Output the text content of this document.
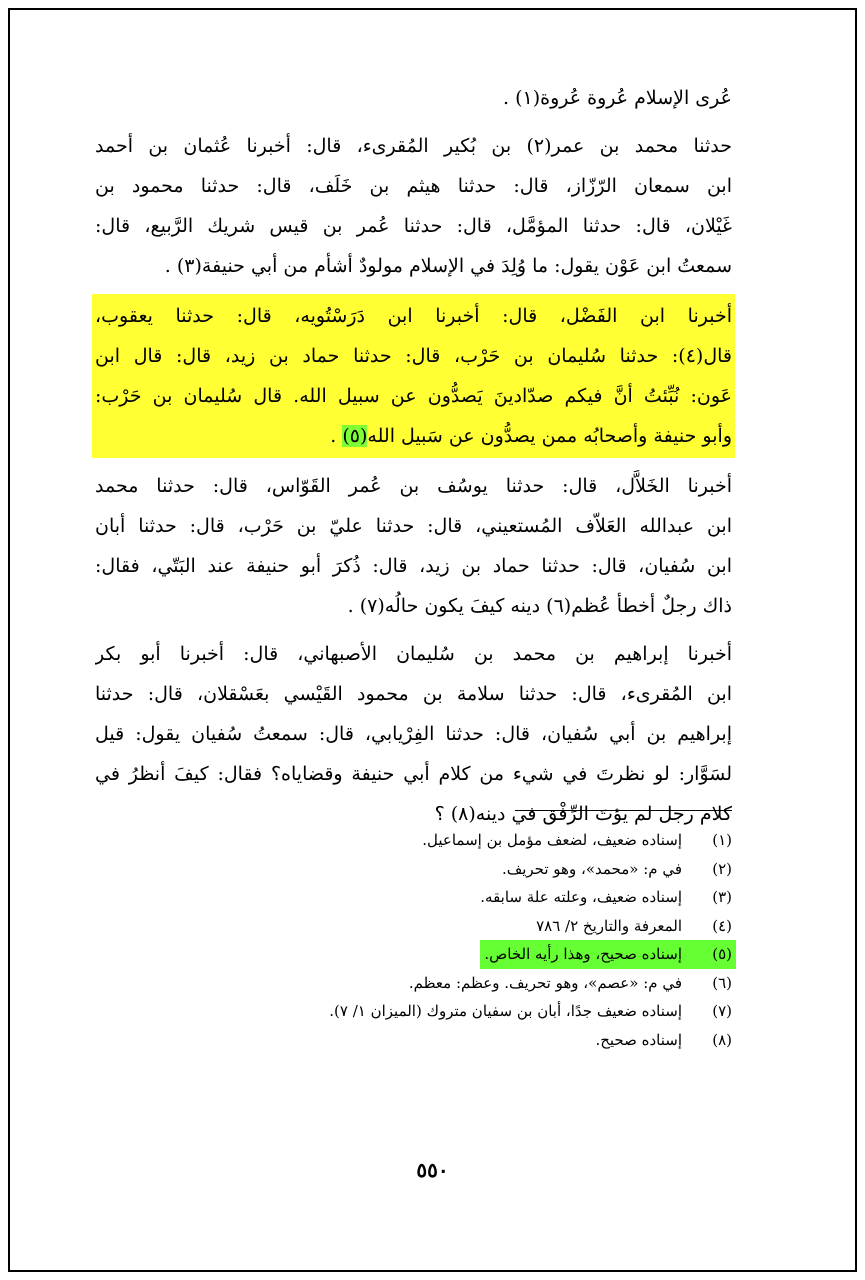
عُرى الإسلام عُروة عُروة(١) .
حدثنا محمد بن عمر(٢) بن بُكير المُقرىء، قال: أخبرنا عُثمان بن أحمد
ابن سمعان الرّزّاز، قال: حدثنا هيثم بن خَلَف، قال: حدثنا محمود بن
غَيْلان، قال: حدثنا المؤمَّل، قال: حدثنا عُمر بن قيس شريك الرَّبيع، قال:
سمعتُ ابن عَوْن يقول: ما وُلِدَ في الإسلام مولودٌ أشأم من أبي حنيفة(٣) .
أخبرنا ابن الفَضْل، قال: أخبرنا ابن دَرَسْتُويه، قال: حدثنا يعقوب،
قال(٤): حدثنا سُليمان بن حَرْب، قال: حدثنا حماد بن زيد، قال: قال ابن
عَون: نُبِّئتُ أنَّ فيكم صدّادينَ يَصدُّون عن سبيل الله. قال سُليمان بن حَرْب:
وأبو حنيفة وأصحابُه ممن يصدُّون عن سَبيل الله(٥) .
أخبرنا الخَلاَّل، قال: حدثنا يوسُف بن عُمر القَوّاس، قال: حدثنا محمد
ابن عبدالله العَلاّف المُستعيني، قال: حدثنا عليّ بن حَرْب، قال: حدثنا أبان
ابن سُفيان، قال: حدثنا حماد بن زيد، قال: ذُكرَ أبو حنيفة عند البَتّي، فقال:
ذاك رجلٌ أخطأ عُظم(٦) دينه كيفَ يكون حالُه(٧) .
أخبرنا إبراهيم بن محمد بن سُليمان الأصبهاني، قال: أخبرنا أبو بكر
ابن المُقرىء، قال: حدثنا سلامة بن محمود القَيْسي بعَسْقلان، قال: حدثنا
إبراهيم بن أبي سُفيان، قال: حدثنا الفِرْيابي، قال: سمعتُ سُفيان يقول: قيل
لسَوَّار: لو نظرتَ في شيء من كلام أبي حنيفة وقضاياه؟ فقال: كيفَ أنظرُ في
كلام رجل لم يؤتَ الرِّفْق في دينه(٨) ؟
(١)
إسناده ضعيف، لضعف مؤمل بن إسماعيل.
(٢)
في م: «محمد»، وهو تحريف.
(٣)
إسناده ضعيف، وعلته علة سابقه.
(٤)
المعرفة والتاريخ ٢/ ٧٨٦
(٥)
إسناده صحيح، وهذا رأيه الخاص.
(٦)
في م: «عصم»، وهو تحريف. وعظم: معظم.
(٧)
إسناده ضعيف جدًا، أبان بن سفيان متروك (الميزان ١/ ٧).
(٨)
إسناده صحيح.
٥٥٠
